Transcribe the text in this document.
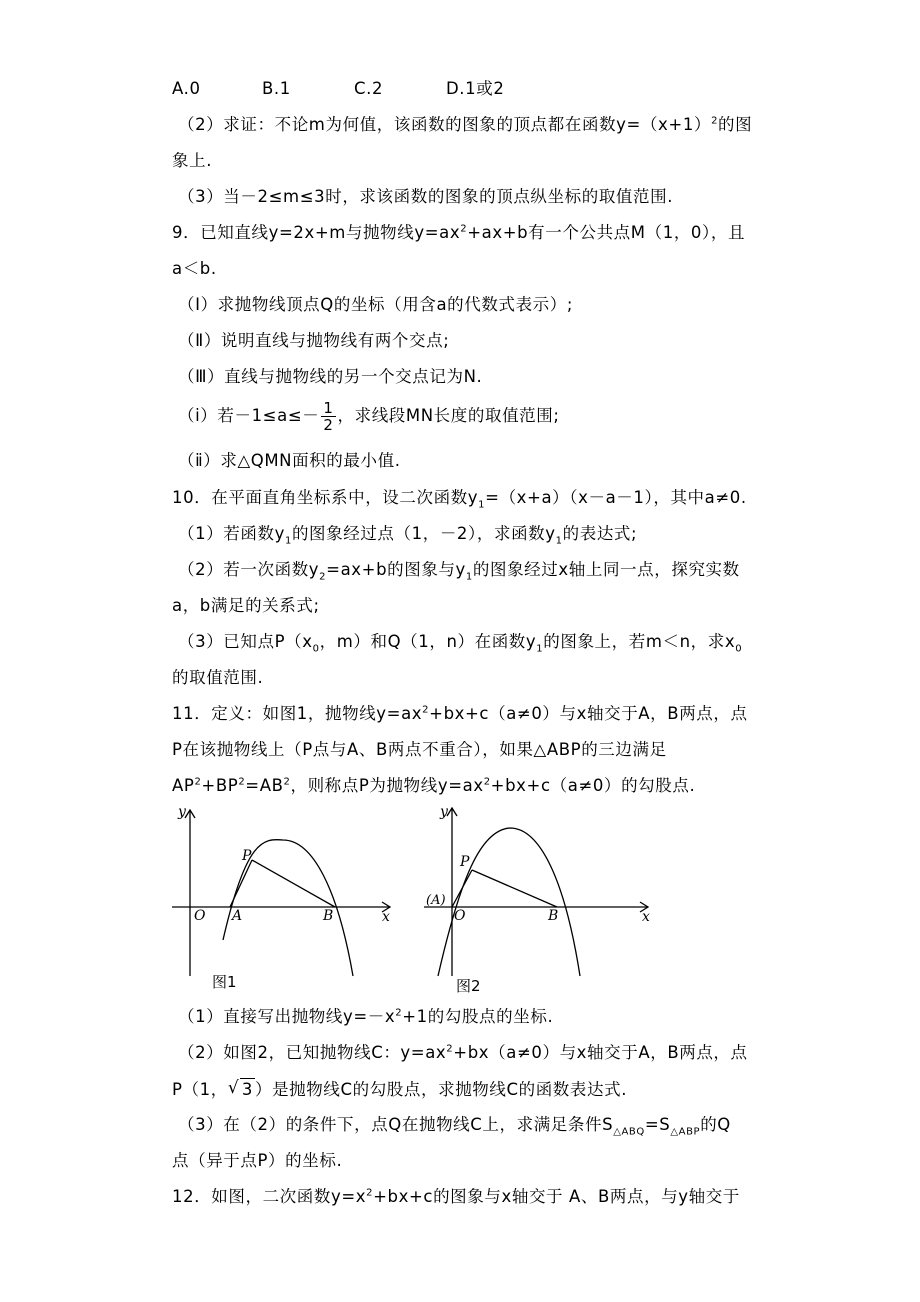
A.0	B.1	C.2	D.1或2
（2）求证：不论m为何值，该函数的图象的顶点都在函数$y=(x+1)^2$的图
象上.
（3）当－2≤m≤3时，求该函数的图象的顶点纵坐标的取值范围.
9．已知直线y=2x+m与抛物线$y=ax^2+ax+b$有一个公共点M（1，0），且
a＜b.
（Ⅰ）求抛物线顶点Q的坐标（用含a的代数式表示）;
（Ⅱ）说明直线与抛物线有两个交点;
（Ⅲ）直线与抛物线的另一个交点记为N.
（ⅰ）若$-1\le a\le- \frac{1}{2}$ ，求线段MN长度的取值范围;
（ⅱ）求△QMN面积的最小值.
10．在平面直角坐标系中，设二次函数$y_1=(x+a)(x-a-1)$，其中a≠0.
（1）若函数$y_1$的图象经过点（1，－2），求函数$y_1$的表达式;
（2）若一次函数$y_2=ax+b$的图象与$y_1$的图象经过x轴上同一点，探究实数
a，b满足的关系式;
（3）已知点$P(x_0$，m）和Q（1，n）在函数$y_1$的图象上，若m＜n，求$x_0$
的取值范围.
11．定义：如图1，抛物线$y=ax^2+bx+c(a\ne 0)$与x轴交于A，B两点，点
P在该抛物线上（P点与A、B两点不重合），如果△ABP的三边满足
$AP^2+BP^2=AB^2$，则称点P为抛物线$y=ax^2+bx+c(a\ne 0)$的勾股点.
y
x
O A	B
P
图1
y
x
(A)
O	B
P
图2
（1）直接写出抛物线$y=-x^2+1$的勾股点的坐标.
（2）如图2，已知抛物线C：$y=ax^2+bx(a\ne 0)$与x轴交于A，B两点，点
P（1， √ 3 ）是抛物线C的勾股点，求抛物线C的函数表达式.
（3）在（2）的条件下，点Q在抛物线C上，求满足条件$S_{\triangle ABQ}=S_{\triangle ABP}$的Q
点（异于点P）的坐标.
12．如图，二次函数$y=x^2+bx+c$的图象与x轴交于 A、B两点，与y轴交于
